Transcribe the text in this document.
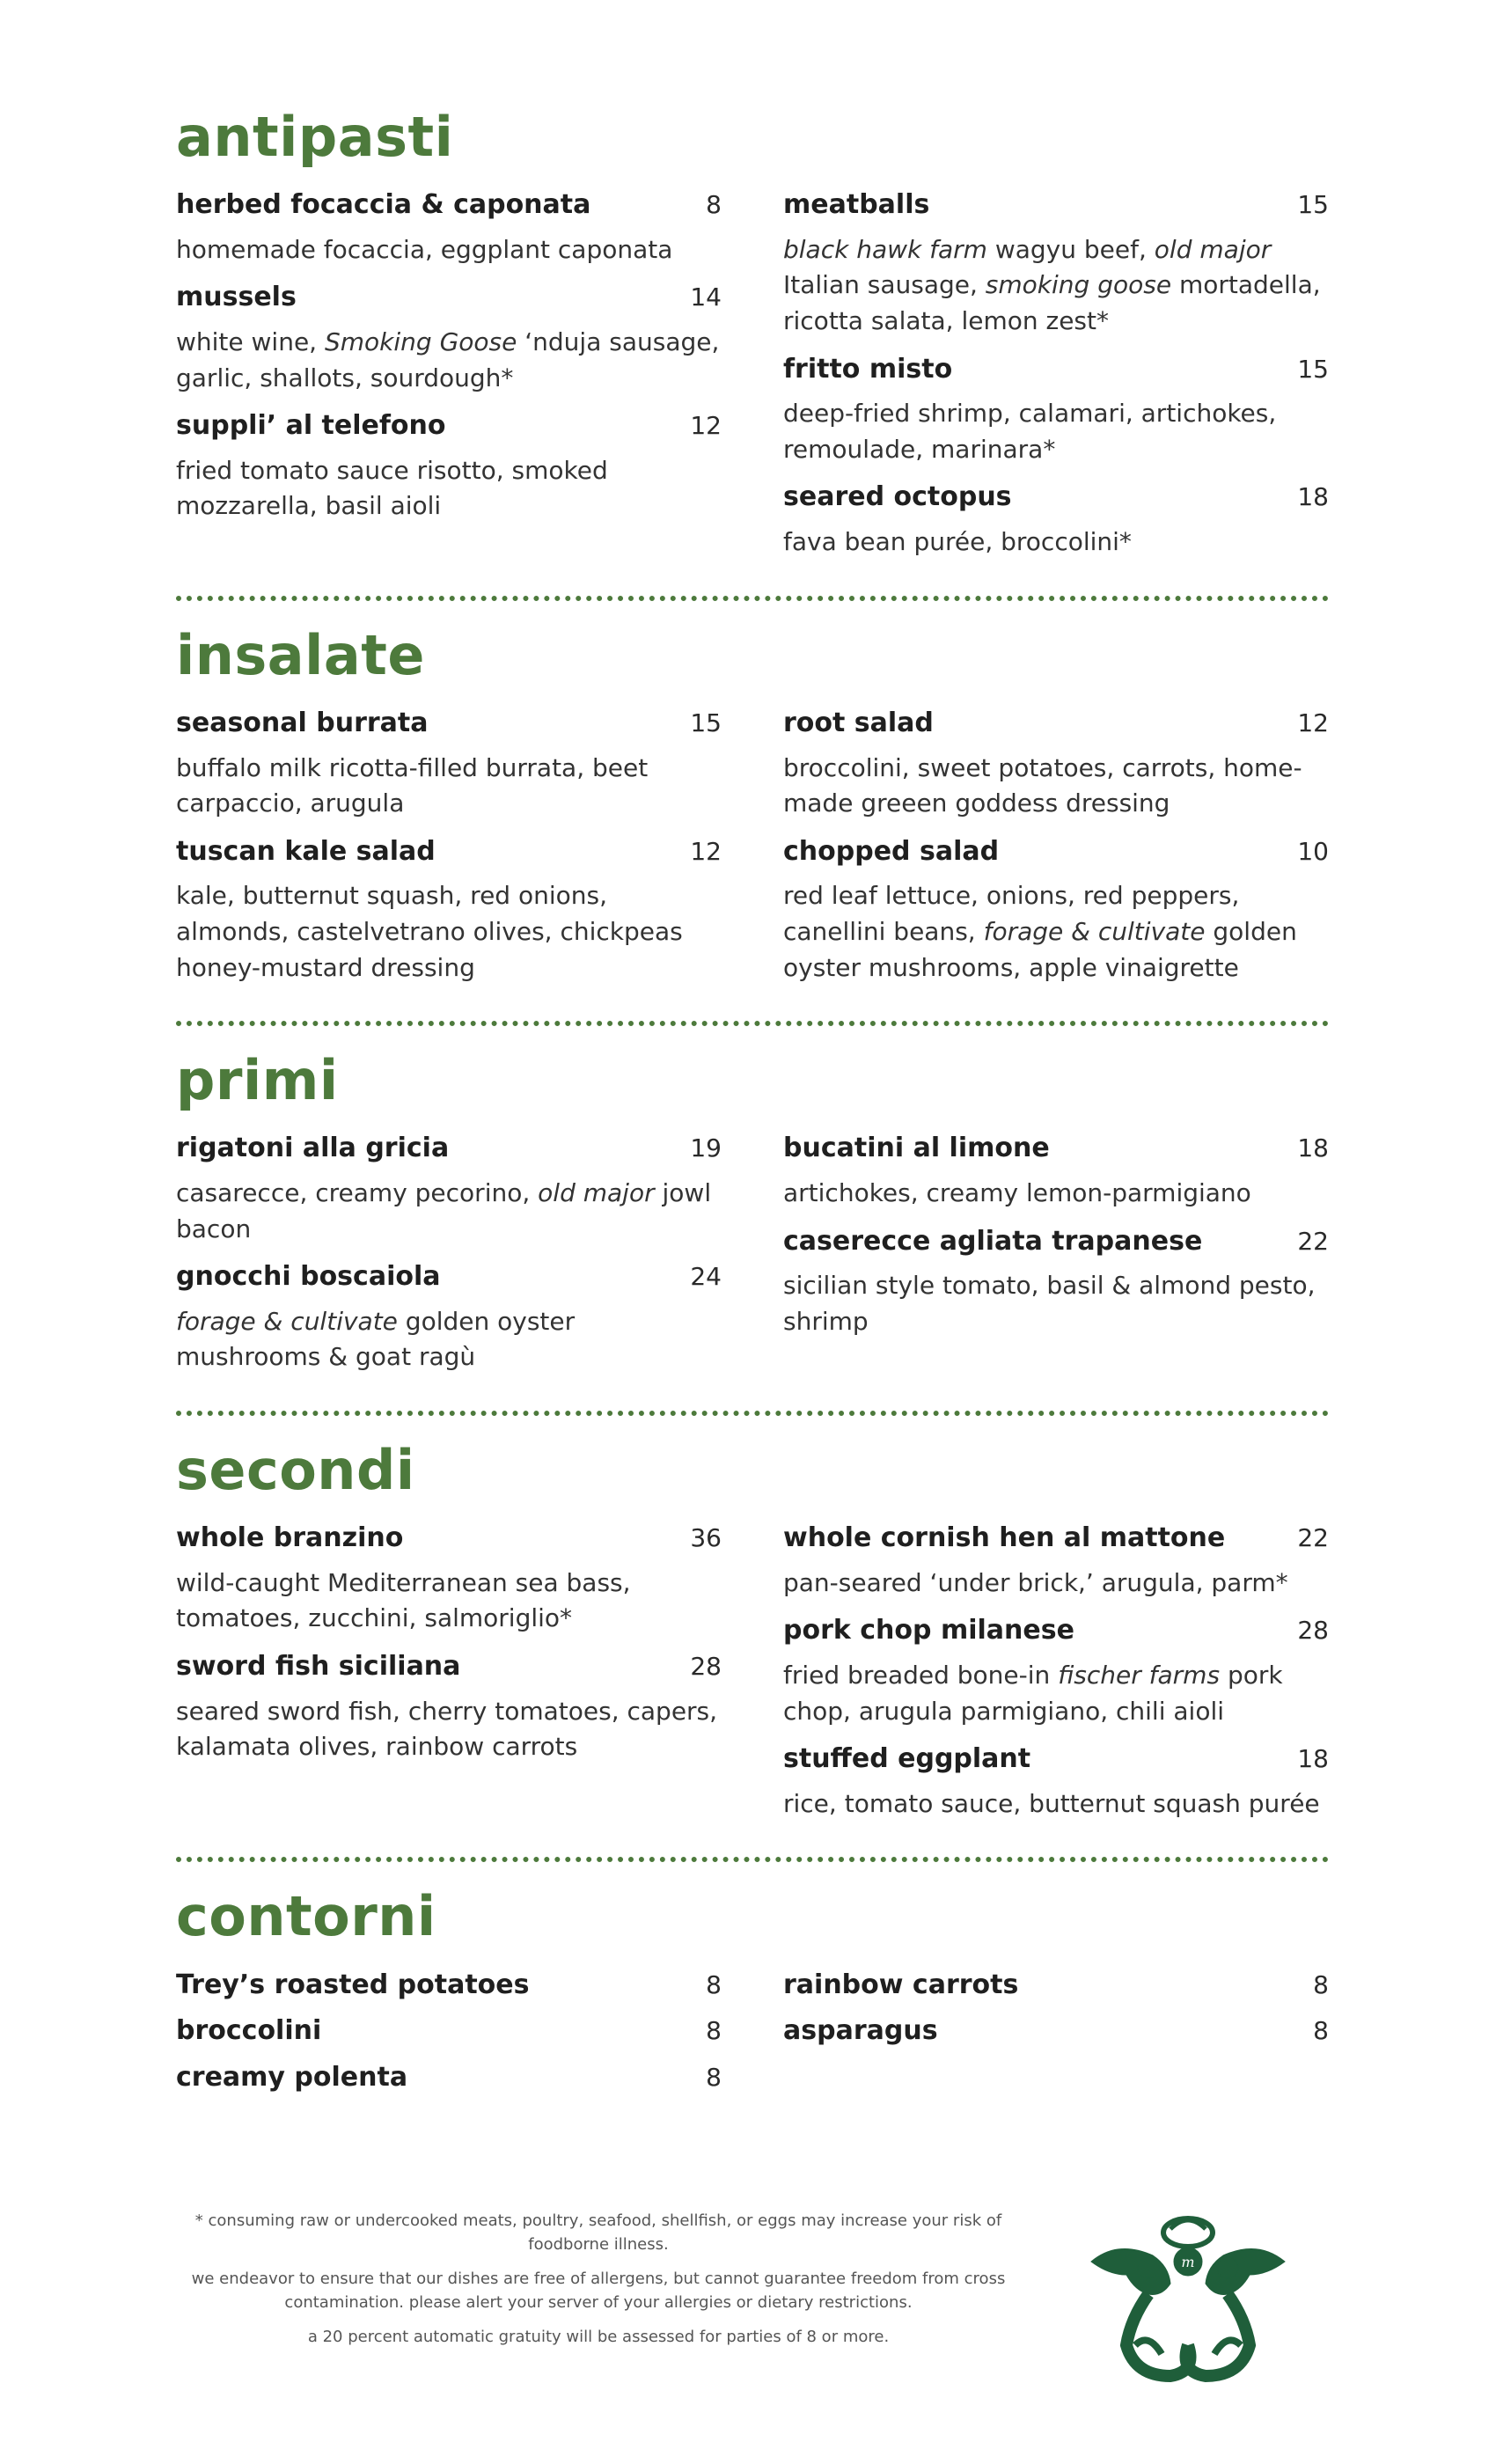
antipasti
herbed focaccia & caponata	8
homemade focaccia, eggplant caponata
mussels	14
white wine, Smoking Goose ‘nduja sausage, garlic, shallots, sourdough*
suppli’ al telefono	12
fried tomato sauce risotto, smoked mozzarella, basil aioli
meatballs	15
black hawk farm wagyu beef, old major Italian sausage, smoking goose mortadella, ricotta salata, lemon zest*
fritto misto	15
deep-fried shrimp, calamari, artichokes, remoulade, marinara*
seared octopus	18
fava bean purée, broccolini*
insalate
seasonal burrata	15
buffalo milk ricotta-filled burrata, beet carpaccio, arugula
tuscan kale salad	12
kale, butternut squash, red onions, almonds, castelvetrano olives, chickpeas honey-mustard dressing
root salad	12
broccolini, sweet potatoes, carrots, home-made greeen goddess dressing
chopped salad	10
red leaf lettuce, onions, red peppers, canellini beans, forage & cultivate golden oyster mushrooms, apple vinaigrette
primi
rigatoni alla gricia	19
casarecce, creamy pecorino, old major jowl bacon
gnocchi boscaiola	24
forage & cultivate golden oyster mushrooms & goat ragù
bucatini al limone	18
artichokes, creamy lemon-parmigiano
caserecce agliata trapanese	22
sicilian style tomato, basil & almond pesto, shrimp
secondi
whole branzino	36
wild-caught Mediterranean sea bass, tomatoes, zucchini, salmoriglio*
sword fish siciliana	28
seared sword fish, cherry tomatoes, capers, kalamata olives, rainbow carrots
whole cornish hen al mattone	22
pan-seared ‘under brick,’ arugula, parm*
pork chop milanese	28
fried breaded bone-in fischer farms pork chop, arugula parmigiano, chili aioli
stuffed eggplant	18
rice, tomato sauce, butternut squash purée
contorni
Trey’s roasted potatoes	8
broccolini	8
creamy polenta	8
rainbow carrots	8
asparagus	8

* consuming raw or undercooked meats, poultry, seafood, shellfish, or eggs may increase your risk of foodborne illness.

we endeavor to ensure that our dishes are free of allergens, but cannot guarantee freedom from cross contamination. please alert your server of your allergies or dietary restrictions.

a 20 percent automatic gratuity will be assessed for parties of 8 or more.

m
